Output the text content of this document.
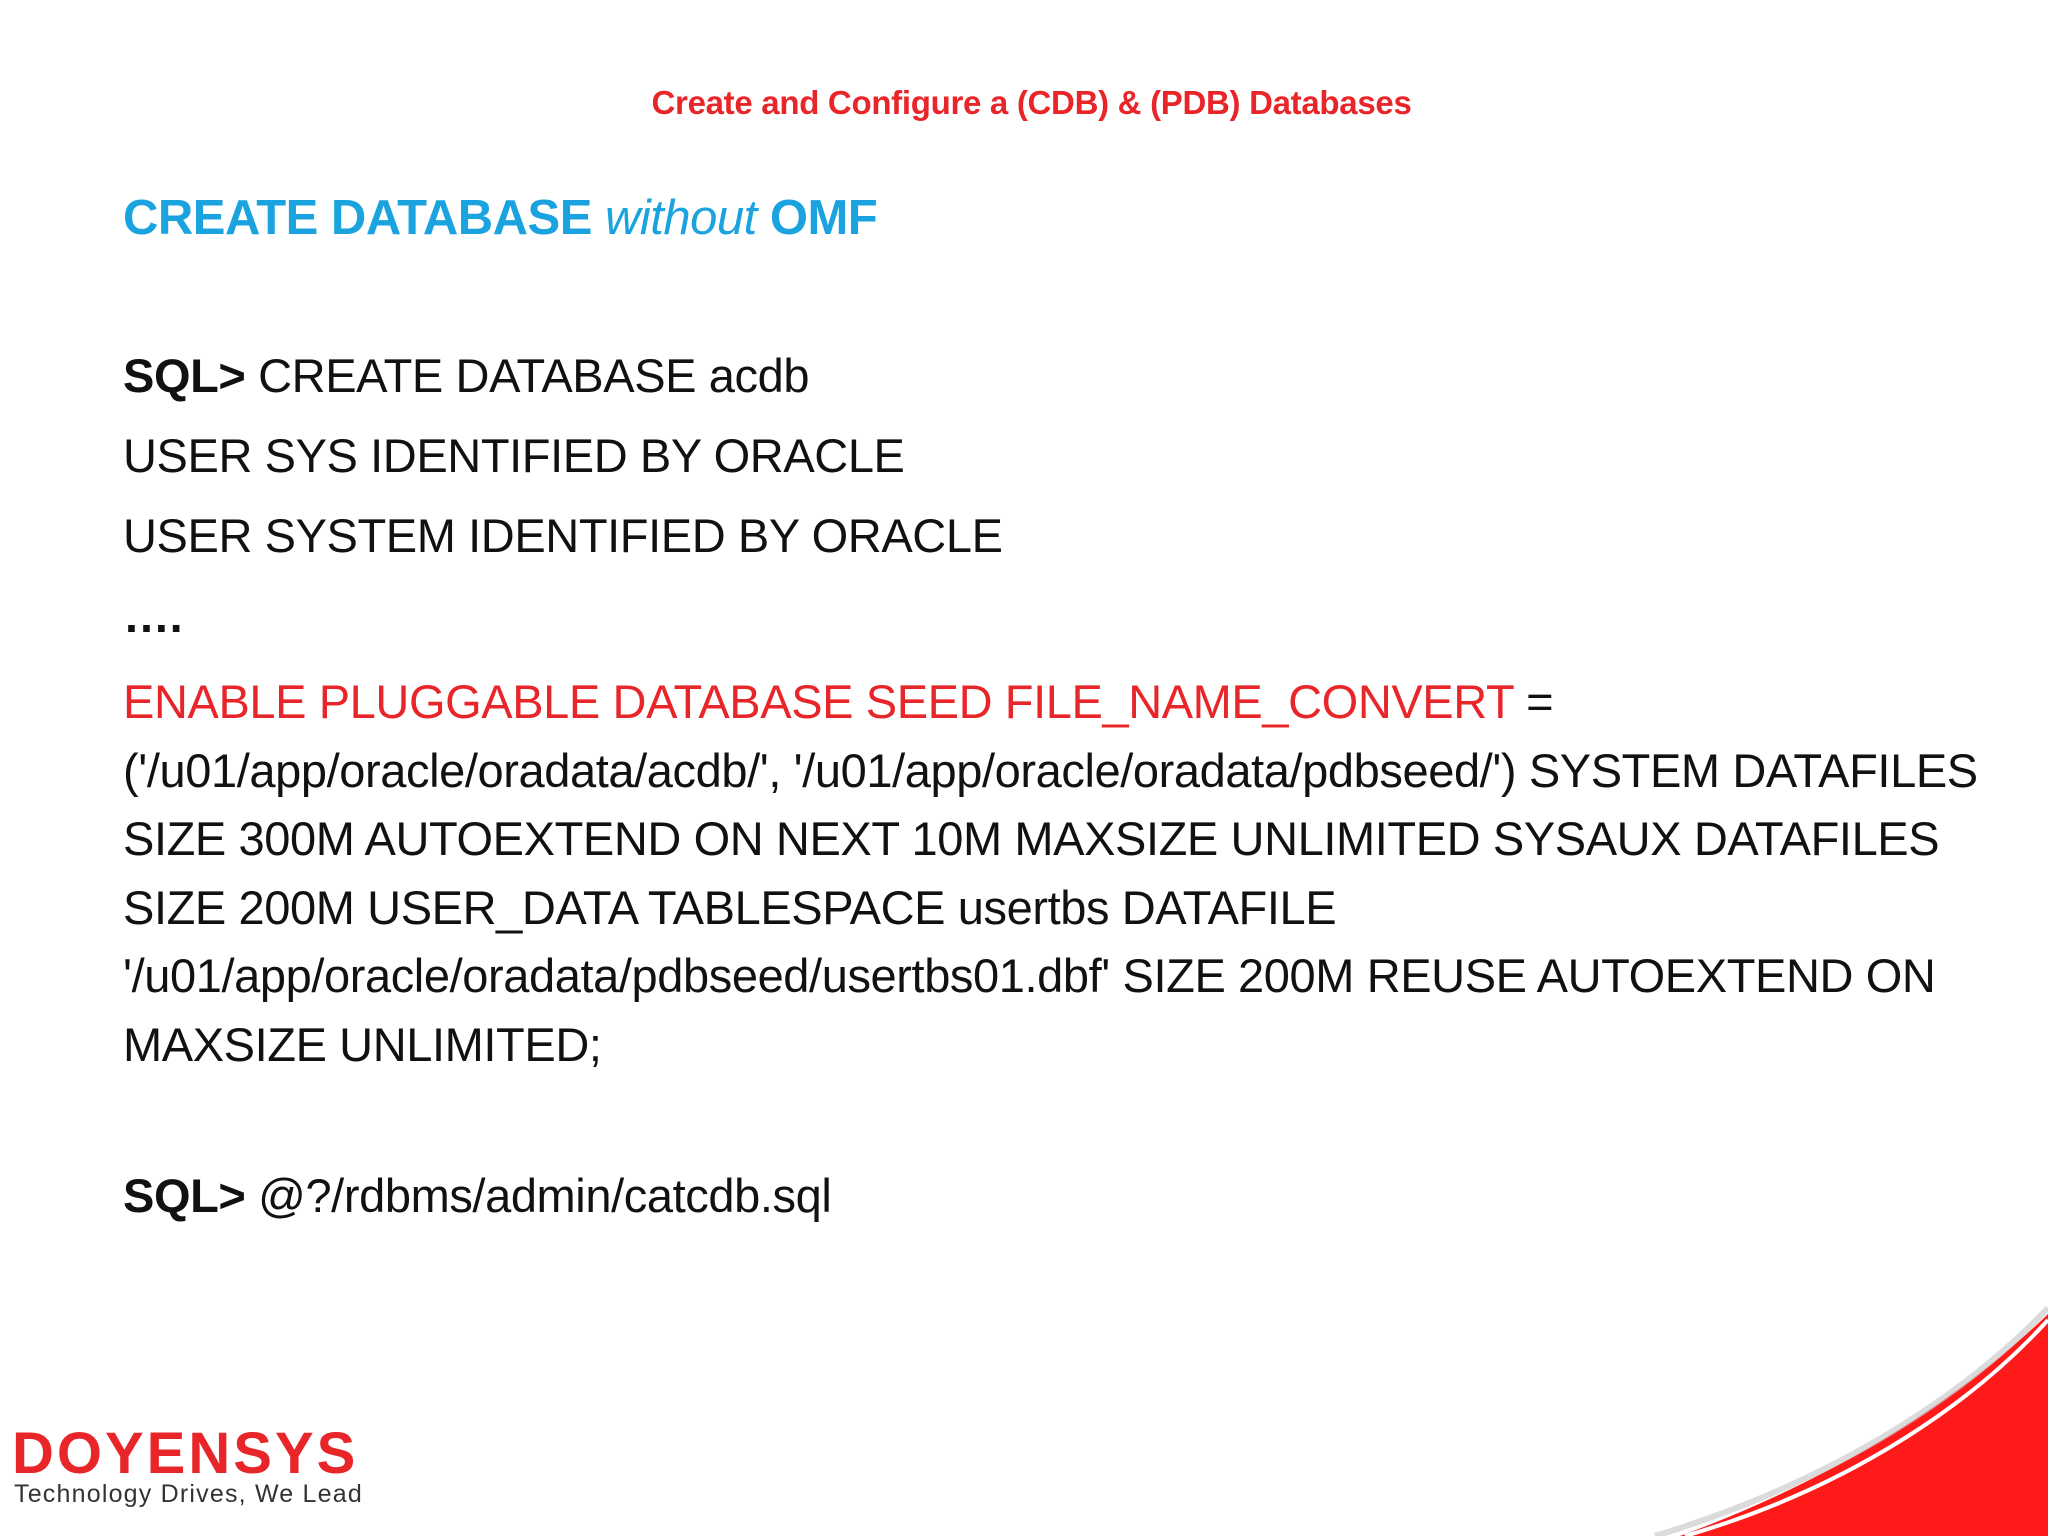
Create and Configure a (CDB) & (PDB) Databases
CREATE DATABASE without OMF
SQL> CREATE DATABASE acdb
USER SYS IDENTIFIED BY ORACLE
USER SYSTEM IDENTIFIED BY ORACLE
….
ENABLE PLUGGABLE DATABASE SEED FILE_NAME_CONVERT = ('/u01/app/oracle/oradata/acdb/', '/u01/app/oracle/oradata/pdbseed/') SYSTEM DATAFILES SIZE 300M AUTOEXTEND ON NEXT 10M MAXSIZE UNLIMITED SYSAUX DATAFILES SIZE 200M USER_DATA TABLESPACE usertbs DATAFILE '/u01/app/oracle/oradata/pdbseed/usertbs01.dbf' SIZE 200M REUSE AUTOEXTEND ON MAXSIZE UNLIMITED;
SQL> @?/rdbms/admin/catcdb.sql
DOYENSYS
Technology Drives, We Lead
